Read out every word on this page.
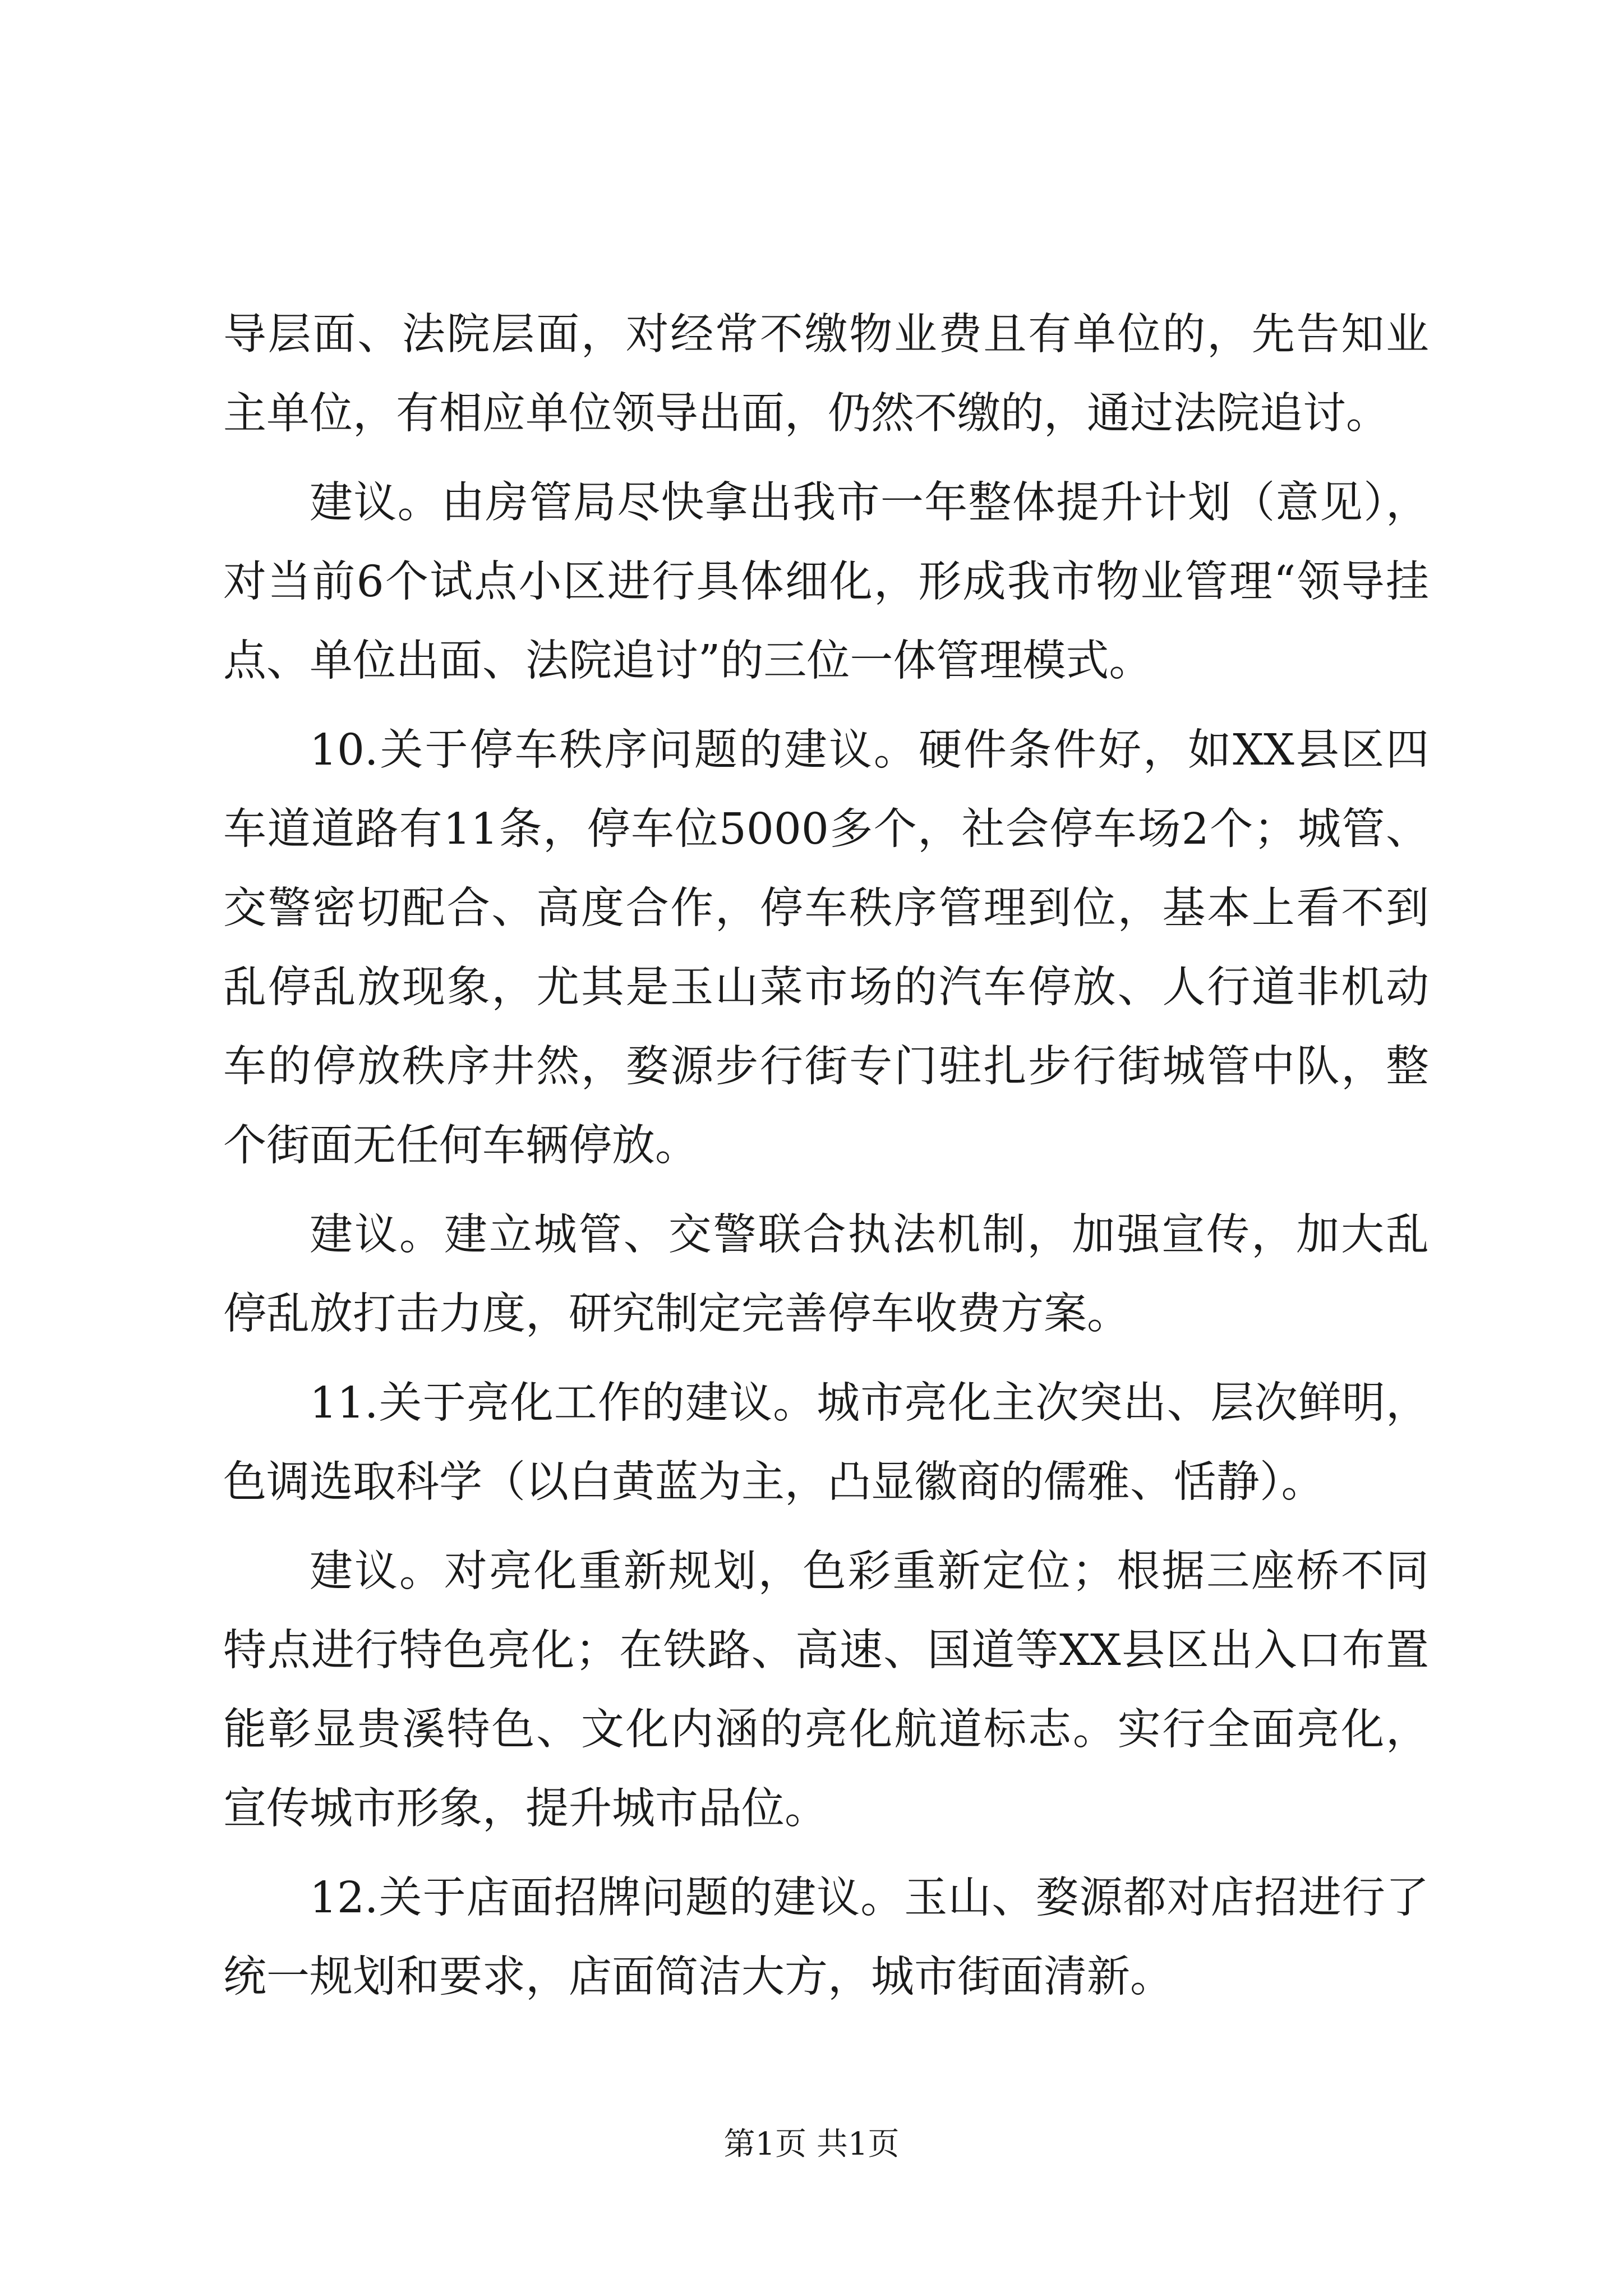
导层面、法院层面，对经常不缴物业费且有单位的，先告知业主单位，有相应单位领导出面，仍然不缴的，通过法院追讨。

建议。由房管局尽快拿出我市一年整体提升计划（意见），对当前6个试点小区进行具体细化，形成我市物业管理“领导挂点、单位出面、法院追讨”的三位一体管理模式。

10.关于停车秩序问题的建议。硬件条件好，如XX县区四车道道路有11条，停车位5000多个，社会停车场2个；城管、交警密切配合、高度合作，停车秩序管理到位，基本上看不到乱停乱放现象，尤其是玉山菜市场的汽车停放、人行道非机动车的停放秩序井然，婺源步行街专门驻扎步行街城管中队，整个街面无任何车辆停放。

建议。建立城管、交警联合执法机制，加强宣传，加大乱停乱放打击力度，研究制定完善停车收费方案。

11.关于亮化工作的建议。城市亮化主次突出、层次鲜明，色调选取科学（以白黄蓝为主，凸显徽商的儒雅、恬静）。

建议。对亮化重新规划，色彩重新定位；根据三座桥不同特点进行特色亮化；在铁路、高速、国道等XX县区出入口布置能彰显贵溪特色、文化内涵的亮化航道标志。实行全面亮化，宣传城市形象，提升城市品位。

12.关于店面招牌问题的建议。玉山、婺源都对店招进行了统一规划和要求，店面简洁大方，城市街面清新。

第1页 共1页
